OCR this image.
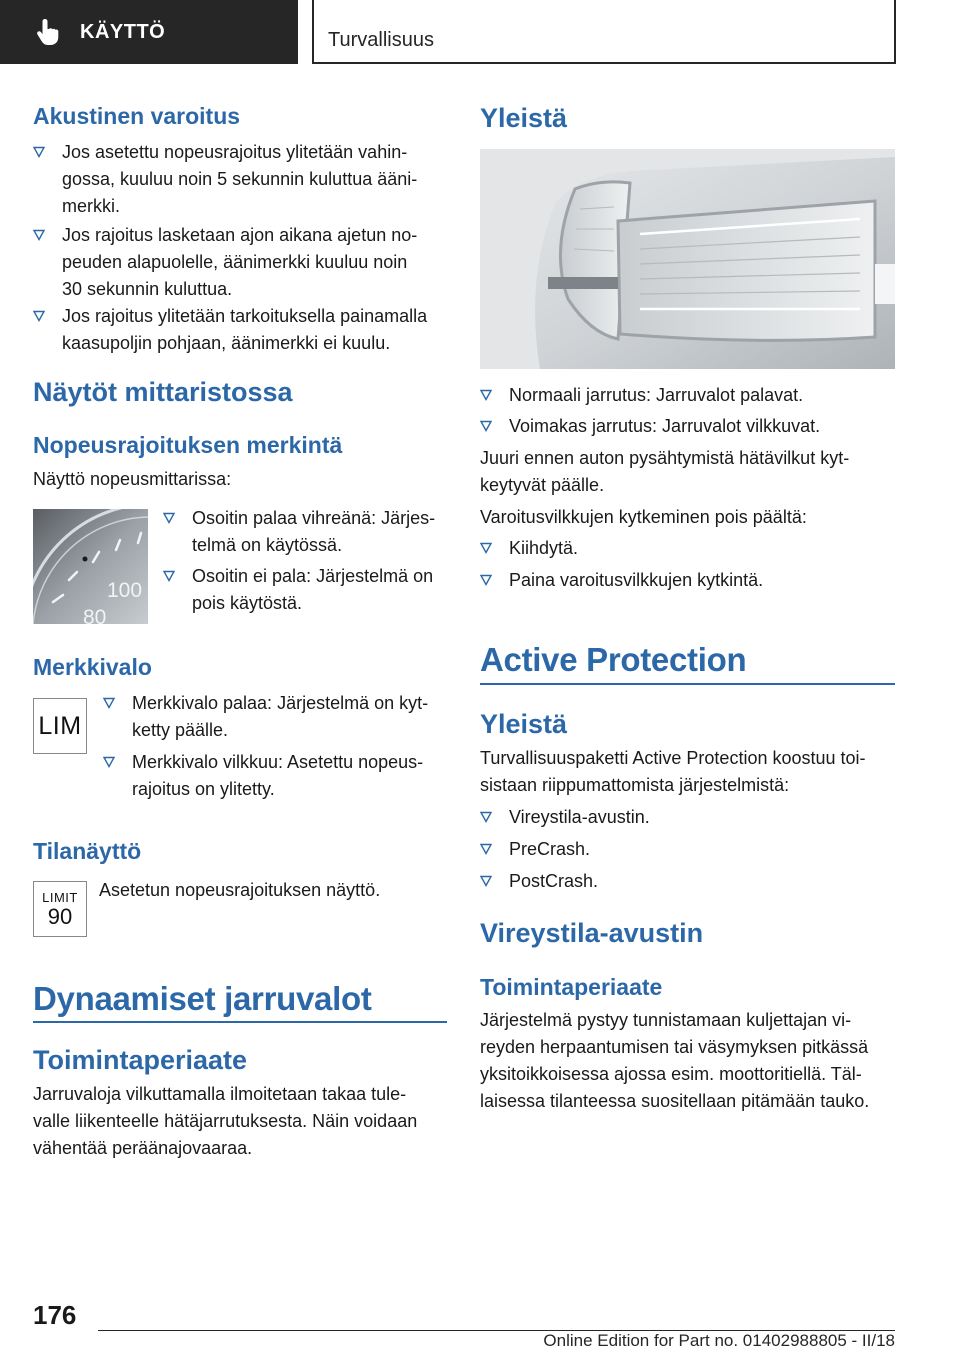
KÄYTTÖ	Turvallisuus
Akustinen varoitus
Jos asetettu nopeusrajoitus ylitetään vahin-
gossa, kuuluu noin 5 sekunnin kuluttua ääni-
merkki.
Jos rajoitus lasketaan ajon aikana ajetun no-
peuden alapuolelle, äänimerkki kuuluu noin
30 sekunnin kuluttua.
Jos rajoitus ylitetään tarkoituksella painamalla
kaasupoljin pohjaan, äänimerkki ei kuulu.
Näytöt mittaristossa
Nopeusrajoituksen merkintä
Näyttö nopeusmittarissa:
100
80
Osoitin palaa vihreänä: Järjes-
telmä on käytössä.
Osoitin ei pala: Järjestelmä on
pois käytöstä.
Merkkivalo
LIM
Merkkivalo palaa: Järjestelmä on kyt-
ketty päälle.
Merkkivalo vilkkuu: Asetettu nopeus-
rajoitus on ylitetty.
Tilanäyttö
LIMIT
90
Asetetun nopeusrajoituksen näyttö.
Dynaamiset jarruvalot
Toimintaperiaate
Jarruvaloja vilkuttamalla ilmoitetaan takaa tule-
valle liikenteelle hätäjarrutuksesta. Näin voidaan
vähentää peräänajovaaraa.
Yleistä
Normaali jarrutus: Jarruvalot palavat.
Voimakas jarrutus: Jarruvalot vilkkuvat.
Juuri ennen auton pysähtymistä hätävilkut kyt-
keytyvät päälle.
Varoitusvilkkujen kytkeminen pois päältä:
Kiihdytä.
Paina varoitusvilkkujen kytkintä.
Active Protection
Yleistä
Turvallisuuspaketti Active Protection koostuu toi-
sistaan riippumattomista järjestelmistä:
Vireystila-avustin.
PreCrash.
PostCrash.
Vireystila-avustin
Toimintaperiaate
Järjestelmä pystyy tunnistamaan kuljettajan vi-
reyden herpaantumisen tai väsymyksen pitkässä
yksitoikkoisessa ajossa esim. moottoritiellä. Täl-
laisessa tilanteessa suositellaan pitämään tauko.
176
Online Edition for Part no. 01402988805 - II/18
